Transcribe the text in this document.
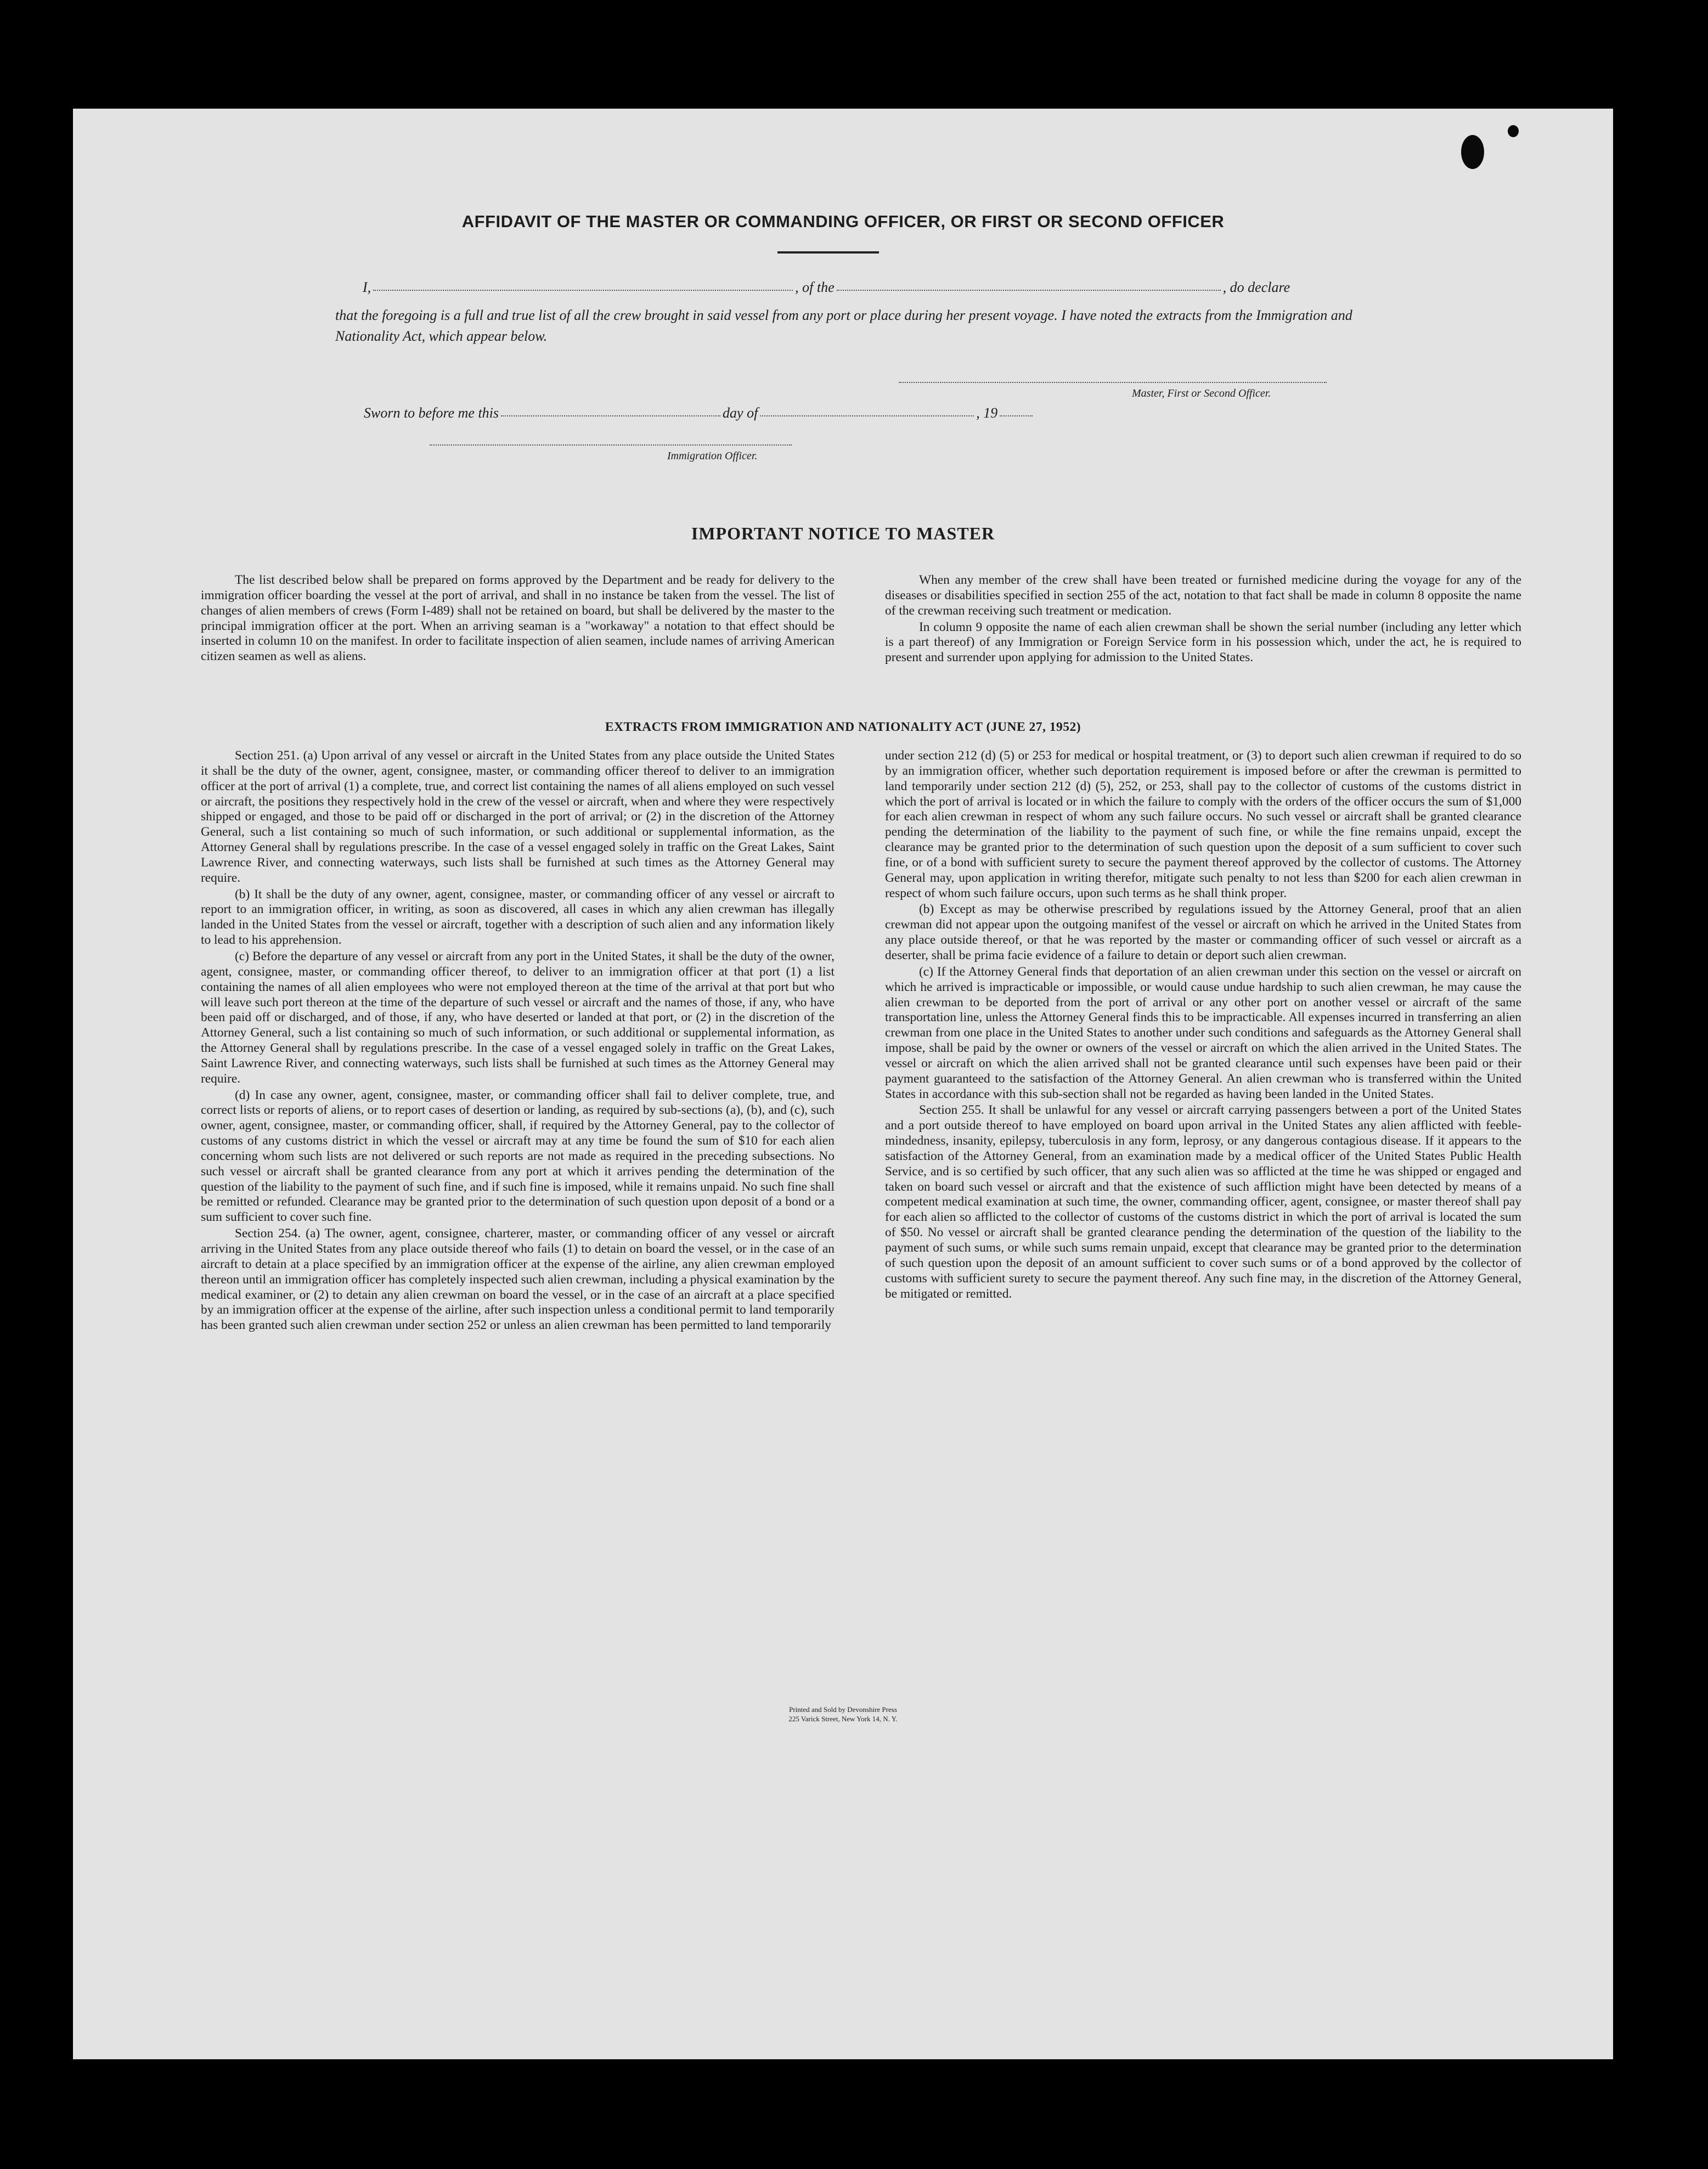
AFFIDAVIT OF THE MASTER OR COMMANDING OFFICER, OR FIRST OR SECOND OFFICER
I,	, of the	, do declare
that the foregoing is a full and true list of all the crew brought in said vessel from any port or place during her present voyage. I have noted the extracts from the Immigration and Nationality Act, which appear below.
Master, First or Second Officer.
Sworn to before me this	day of	, 19
Immigration Officer.
IMPORTANT NOTICE TO MASTER

The list described below shall be prepared on forms approved by the Department and be ready for delivery to the immigration officer boarding the vessel at the port of arrival, and shall in no instance be taken from the vessel. The list of changes of alien members of crews (Form I-489) shall not be retained on board, but shall be delivered by the master to the principal immigration officer at the port. When an arriving seaman is a "workaway" a notation to that effect should be inserted in column 10 on the manifest. In order to facilitate inspection of alien seamen, include names of arriving American citizen seamen as well as aliens.

When any member of the crew shall have been treated or furnished medicine during the voyage for any of the diseases or disabilities specified in section 255 of the act, notation to that fact shall be made in column 8 opposite the name of the crewman receiving such treatment or medication.

In column 9 opposite the name of each alien crewman shall be shown the serial number (including any letter which is a part thereof) of any Immigration or Foreign Service form in his possession which, under the act, he is required to present and surrender upon applying for admission to the United States.

EXTRACTS FROM IMMIGRATION AND NATIONALITY ACT (JUNE 27, 1952)

Section 251. (a) Upon arrival of any vessel or aircraft in the United States from any place outside the United States it shall be the duty of the owner, agent, consignee, master, or commanding officer thereof to deliver to an immigration officer at the port of arrival (1) a complete, true, and correct list containing the names of all aliens employed on such vessel or aircraft, the positions they respectively hold in the crew of the vessel or aircraft, when and where they were respectively shipped or engaged, and those to be paid off or discharged in the port of arrival; or (2) in the discretion of the Attorney General, such a list containing so much of such information, or such additional or supplemental information, as the Attorney General shall by regulations prescribe. In the case of a vessel engaged solely in traffic on the Great Lakes, Saint Lawrence River, and connecting waterways, such lists shall be furnished at such times as the Attorney General may require.

(b) It shall be the duty of any owner, agent, consignee, master, or commanding officer of any vessel or aircraft to report to an immigration officer, in writing, as soon as discovered, all cases in which any alien crewman has illegally landed in the United States from the vessel or aircraft, together with a description of such alien and any information likely to lead to his apprehension.

(c) Before the departure of any vessel or aircraft from any port in the United States, it shall be the duty of the owner, agent, consignee, master, or commanding officer thereof, to deliver to an immigration officer at that port (1) a list containing the names of all alien employees who were not employed thereon at the time of the arrival at that port but who will leave such port thereon at the time of the departure of such vessel or aircraft and the names of those, if any, who have been paid off or discharged, and of those, if any, who have deserted or landed at that port, or (2) in the discretion of the Attorney General, such a list containing so much of such information, or such additional or supplemental information, as the Attorney General shall by regulations prescribe. In the case of a vessel engaged solely in traffic on the Great Lakes, Saint Lawrence River, and connecting waterways, such lists shall be furnished at such times as the Attorney General may require.

(d) In case any owner, agent, consignee, master, or commanding officer shall fail to deliver complete, true, and correct lists or reports of aliens, or to report cases of desertion or landing, as required by sub-sections (a), (b), and (c), such owner, agent, consignee, master, or commanding officer, shall, if required by the Attorney General, pay to the collector of customs of any customs district in which the vessel or aircraft may at any time be found the sum of $10 for each alien concerning whom such lists are not delivered or such reports are not made as required in the preceding subsections. No such vessel or aircraft shall be granted clearance from any port at which it arrives pending the determination of the question of the liability to the payment of such fine, and if such fine is imposed, while it remains unpaid. No such fine shall be remitted or refunded. Clearance may be granted prior to the determination of such question upon deposit of a bond or a sum sufficient to cover such fine.

Section 254. (a) The owner, agent, consignee, charterer, master, or commanding officer of any vessel or aircraft arriving in the United States from any place outside thereof who fails (1) to detain on board the vessel, or in the case of an aircraft to detain at a place specified by an immigration officer at the expense of the airline, any alien crewman employed thereon until an immigration officer has completely inspected such alien crewman, including a physical examination by the medical examiner, or (2) to detain any alien crewman on board the vessel, or in the case of an aircraft at a place specified by an immigration officer at the expense of the airline, after such inspection unless a conditional permit to land temporarily has been granted such alien crewman under section 252 or unless an alien crewman has been permitted to land temporarily

under section 212 (d) (5) or 253 for medical or hospital treatment, or (3) to deport such alien crewman if required to do so by an immigration officer, whether such deportation requirement is imposed before or after the crewman is permitted to land temporarily under section 212 (d) (5), 252, or 253, shall pay to the collector of customs of the customs district in which the port of arrival is located or in which the failure to comply with the orders of the officer occurs the sum of $1,000 for each alien crewman in respect of whom any such failure occurs. No such vessel or aircraft shall be granted clearance pending the determination of the liability to the payment of such fine, or while the fine remains unpaid, except the clearance may be granted prior to the determination of such question upon the deposit of a sum sufficient to cover such fine, or of a bond with sufficient surety to secure the payment thereof approved by the collector of customs. The Attorney General may, upon application in writing therefor, mitigate such penalty to not less than $200 for each alien crewman in respect of whom such failure occurs, upon such terms as he shall think proper.

(b) Except as may be otherwise prescribed by regulations issued by the Attorney General, proof that an alien crewman did not appear upon the outgoing manifest of the vessel or aircraft on which he arrived in the United States from any place outside thereof, or that he was reported by the master or commanding officer of such vessel or aircraft as a deserter, shall be prima facie evidence of a failure to detain or deport such alien crewman.

(c) If the Attorney General finds that deportation of an alien crewman under this section on the vessel or aircraft on which he arrived is impracticable or impossible, or would cause undue hardship to such alien crewman, he may cause the alien crewman to be deported from the port of arrival or any other port on another vessel or aircraft of the same transportation line, unless the Attorney General finds this to be impracticable. All expenses incurred in transferring an alien crewman from one place in the United States to another under such conditions and safeguards as the Attorney General shall impose, shall be paid by the owner or owners of the vessel or aircraft on which the alien arrived in the United States. The vessel or aircraft on which the alien arrived shall not be granted clearance until such expenses have been paid or their payment guaranteed to the satisfaction of the Attorney General. An alien crewman who is transferred within the United States in accordance with this sub-section shall not be regarded as having been landed in the United States.

Section 255. It shall be unlawful for any vessel or aircraft carrying passengers between a port of the United States and a port outside thereof to have employed on board upon arrival in the United States any alien afflicted with feeble-mindedness, insanity, epilepsy, tuberculosis in any form, leprosy, or any dangerous contagious disease. If it appears to the satisfaction of the Attorney General, from an examination made by a medical officer of the United States Public Health Service, and is so certified by such officer, that any such alien was so afflicted at the time he was shipped or engaged and taken on board such vessel or aircraft and that the existence of such affliction might have been detected by means of a competent medical examination at such time, the owner, commanding officer, agent, consignee, or master thereof shall pay for each alien so afflicted to the collector of customs of the customs district in which the port of arrival is located the sum of $50. No vessel or aircraft shall be granted clearance pending the determination of the question of the liability to the payment of such sums, or while such sums remain unpaid, except that clearance may be granted prior to the determination of such question upon the deposit of an amount sufficient to cover such sums or of a bond approved by the collector of customs with sufficient surety to secure the payment thereof. Any such fine may, in the discretion of the Attorney General, be mitigated or remitted.

Printed and Sold by Devonshire Press
225 Varick Street, New York 14, N. Y.
